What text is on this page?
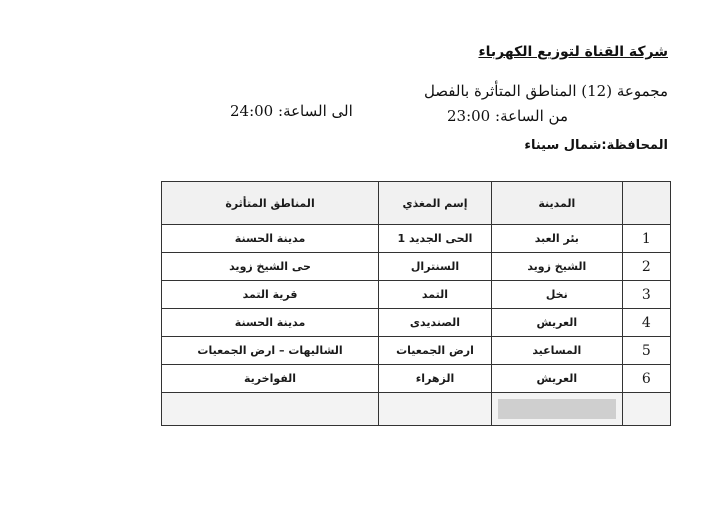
شركة القناة لتوزيع الكهرباء
مجموعة (12) المناطق المتأثرة بالفصل
من الساعة: 23:00
الى الساعة: 24:00
المحافظة:شمال سيناء
	المدينة	إسم المغذي	المناطق المتأثرة
1	بئر العبد	الحى الجديد 1	مدينة الحسنة
2	الشيخ زويد	السنترال	حى الشيخ زويد
3	نخل	التمد	قرية التمد
4	العريش	الصنديدى	مدينة الحسنة
5	المساعيد	ارض الجمعيات	الشاليهات – ارض الجمعيات
6	العريش	الزهراء	الفواخرية
